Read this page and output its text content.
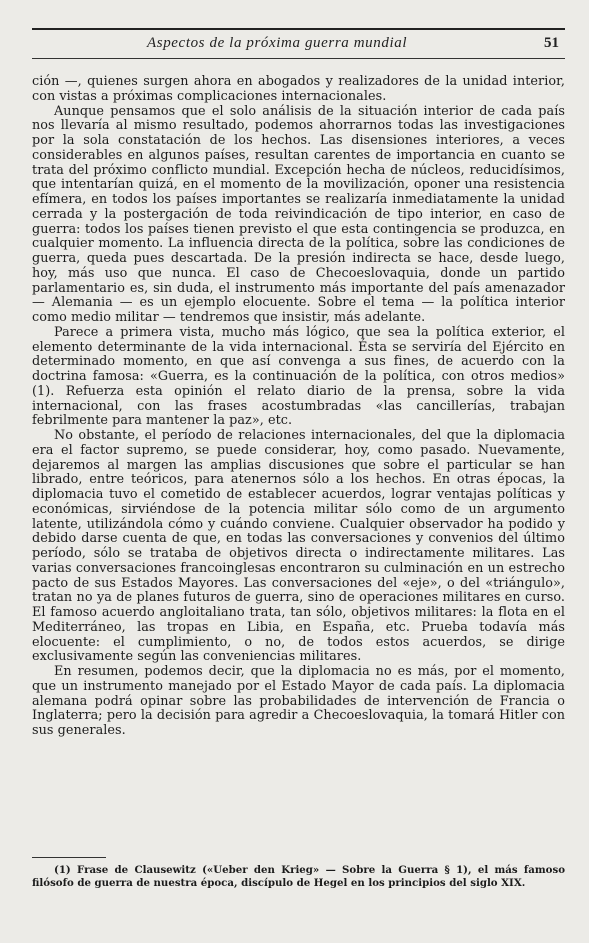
Aspectos de la próxima guerra mundial	51

ción —, quienes surgen ahora en abogados y realizadores de la unidad interior, con vistas a próximas complicaciones internacionales.

Aunque pensamos que el solo análisis de la situación interior de cada país nos llevaría al mismo resultado, podemos ahorrarnos todas las investigaciones por la sola constatación de los hechos. Las disensiones interiores, a veces considerables en algunos países, resultan carentes de importancia en cuanto se trata del próximo conflicto mundial. Excepción hecha de núcleos, reducidísimos, que intentarían quizá, en el momento de la movilización, oponer una resistencia efímera, en todos los países importantes se realizaría inmediatamente la unidad cerrada y la postergación de toda reivindicación de tipo interior, en caso de guerra: todos los países tienen previsto el que esta contingencia se produzca, en cualquier momento. La influencia directa de la política, sobre las condiciones de guerra, queda pues descartada. De la presión indirecta se hace, desde luego, hoy, más uso que nunca. El caso de Checoeslovaquia, donde un partido parlamentario es, sin duda, el instrumento más importante del país amenazador — Alemania — es un ejemplo elocuente. Sobre el tema — la política interior como medio militar — tendremos que insistir, más adelante.

Parece a primera vista, mucho más lógico, que sea la política exterior, el elemento determinante de la vida internacional. Ésta se serviría del Ejército en determinado momento, en que así convenga a sus fines, de acuerdo con la doctrina famosa: «Guerra, es la continuación de la política, con otros medios» (1). Refuerza esta opinión el relato diario de la prensa, sobre la vida internacional, con las frases acostumbradas «las cancillerías, trabajan febrilmente para mantener la paz», etc.

No obstante, el período de relaciones internacionales, del que la diplomacia era el factor supremo, se puede considerar, hoy, como pasado. Nuevamente, dejaremos al margen las amplias discusiones que sobre el particular se han librado, entre teóricos, para atenernos sólo a los hechos. En otras épocas, la diplomacia tuvo el cometido de establecer acuerdos, lograr ventajas políticas y económicas, sirviéndose de la potencia militar sólo como de un argumento latente, utilizándola cómo y cuándo conviene. Cualquier observador ha podido y debido darse cuenta de que, en todas las conversaciones y convenios del último período, sólo se trataba de objetivos directa o indirectamente militares. Las varias conversaciones francoinglesas encontraron su culminación en un estrecho pacto de sus Estados Mayores. Las conversaciones del «eje», o del «triángulo», tratan no ya de planes futuros de guerra, sino de operaciones militares en curso. El famoso acuerdo angloitaliano trata, tan sólo, objetivos militares: la flota en el Mediterráneo, las tropas en Libia, en España, etc. Prueba todavía más elocuente: el cumplimiento, o no, de todos estos acuerdos, se dirige exclusivamente según las conveniencias militares.

En resumen, podemos decir, que la diplomacia no es más, por el momento, que un instrumento manejado por el Estado Mayor de cada país. La diplomacia alemana podrá opinar sobre las probabilidades de intervención de Francia o Inglaterra; pero la decisión para agredir a Checoeslovaquia, la tomará Hitler con sus generales.

(1) Frase de Clausewitz («Ueber den Krieg» — Sobre la Guerra § 1), el más famoso filósofo de guerra de nuestra época, discípulo de Hegel en los principios del siglo XIX.
